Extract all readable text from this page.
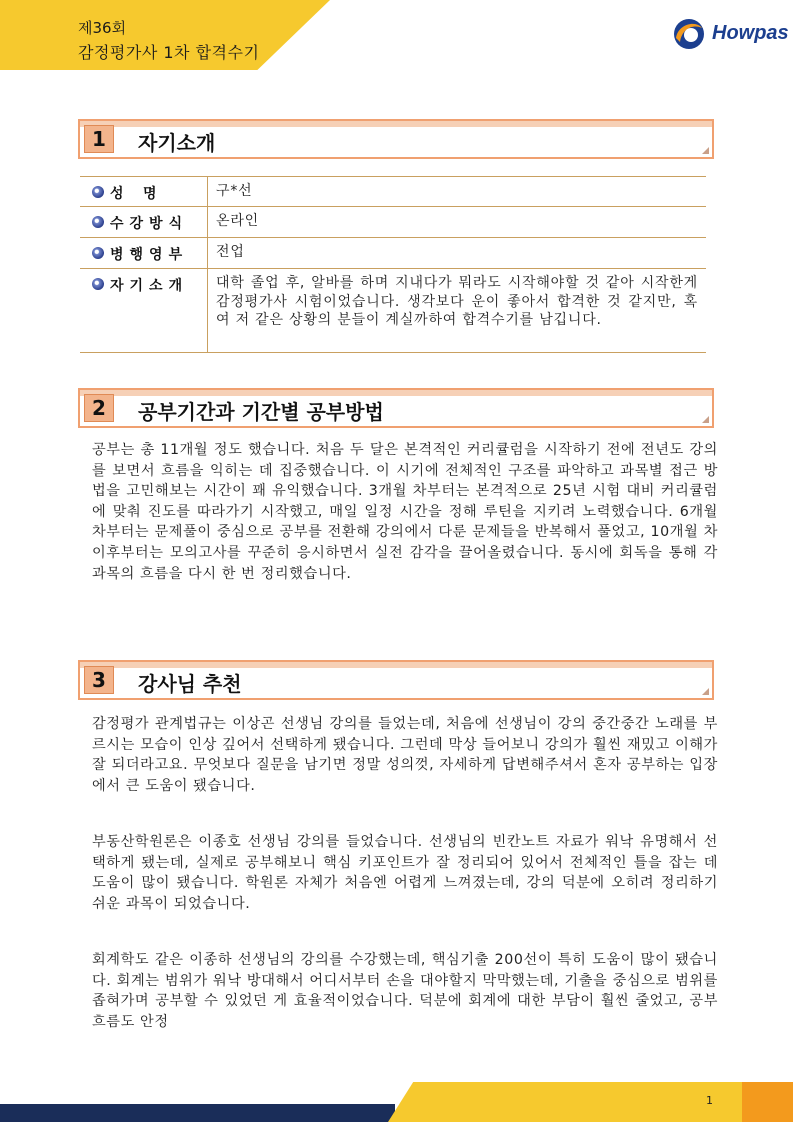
제36회
감정평가사 1차 합격수기
Howpas
1	자기소개
성    명	구*선
수강방식	온라인
병행영부	전업
자기소개	대학 졸업 후, 알바를 하며 지내다가 뭐라도 시작해야할 것 같아 시작한게 감정평가사 시험이었습니다. 생각보다 운이 좋아서 합격한 것 같지만, 혹여 저 같은 상황의 분들이 계실까하여 합격수기를 남깁니다.
2	공부기간과 기간별 공부방법
공부는 총 11개월 정도 했습니다. 처음 두 달은 본격적인 커리큘럼을 시작하기 전에 전년도 강의를 보면서 흐름을 익히는 데 집중했습니다. 이 시기에 전체적인 구조를 파악하고 과목별 접근 방법을 고민해보는 시간이 꽤 유익했습니다. 3개월 차부터는 본격적으로 25년 시험 대비 커리큘럼에 맞춰 진도를 따라가기 시작했고, 매일 일정 시간을 정해 루틴을 지키려 노력했습니다. 6개월 차부터는 문제풀이 중심으로 공부를 전환해 강의에서 다룬 문제들을 반복해서 풀었고, 10개월 차 이후부터는 모의고사를 꾸준히 응시하면서 실전 감각을 끌어올렸습니다. 동시에 회독을 통해 각 과목의 흐름을 다시 한 번 정리했습니다.
3	강사님 추천
감정평가 관계법규는 이상곤 선생님 강의를 들었는데, 처음에 선생님이 강의 중간중간 노래를 부르시는 모습이 인상 깊어서 선택하게 됐습니다. 그런데 막상 들어보니 강의가 훨씬 재밌고 이해가 잘 되더라고요. 무엇보다 질문을 남기면 정말 성의껏, 자세하게 답변해주셔서 혼자 공부하는 입장에서 큰 도움이 됐습니다.
부동산학원론은 이종호 선생님 강의를 들었습니다. 선생님의 빈칸노트 자료가 워낙 유명해서 선택하게 됐는데, 실제로 공부해보니 핵심 키포인트가 잘 정리되어 있어서 전체적인 틀을 잡는 데 도움이 많이 됐습니다. 학원론 자체가 처음엔 어렵게 느껴졌는데, 강의 덕분에 오히려 정리하기 쉬운 과목이 되었습니다.
회계학도 같은 이종하 선생님의 강의를 수강했는데, 핵심기출 200선이 특히 도움이 많이 됐습니다. 회계는 범위가 워낙 방대해서 어디서부터 손을 대야할지 막막했는데, 기출을 중심으로 범위를 좁혀가며 공부할 수 있었던 게 효율적이었습니다. 덕분에 회계에 대한 부담이 훨씬 줄었고, 공부 흐름도 안정
1
